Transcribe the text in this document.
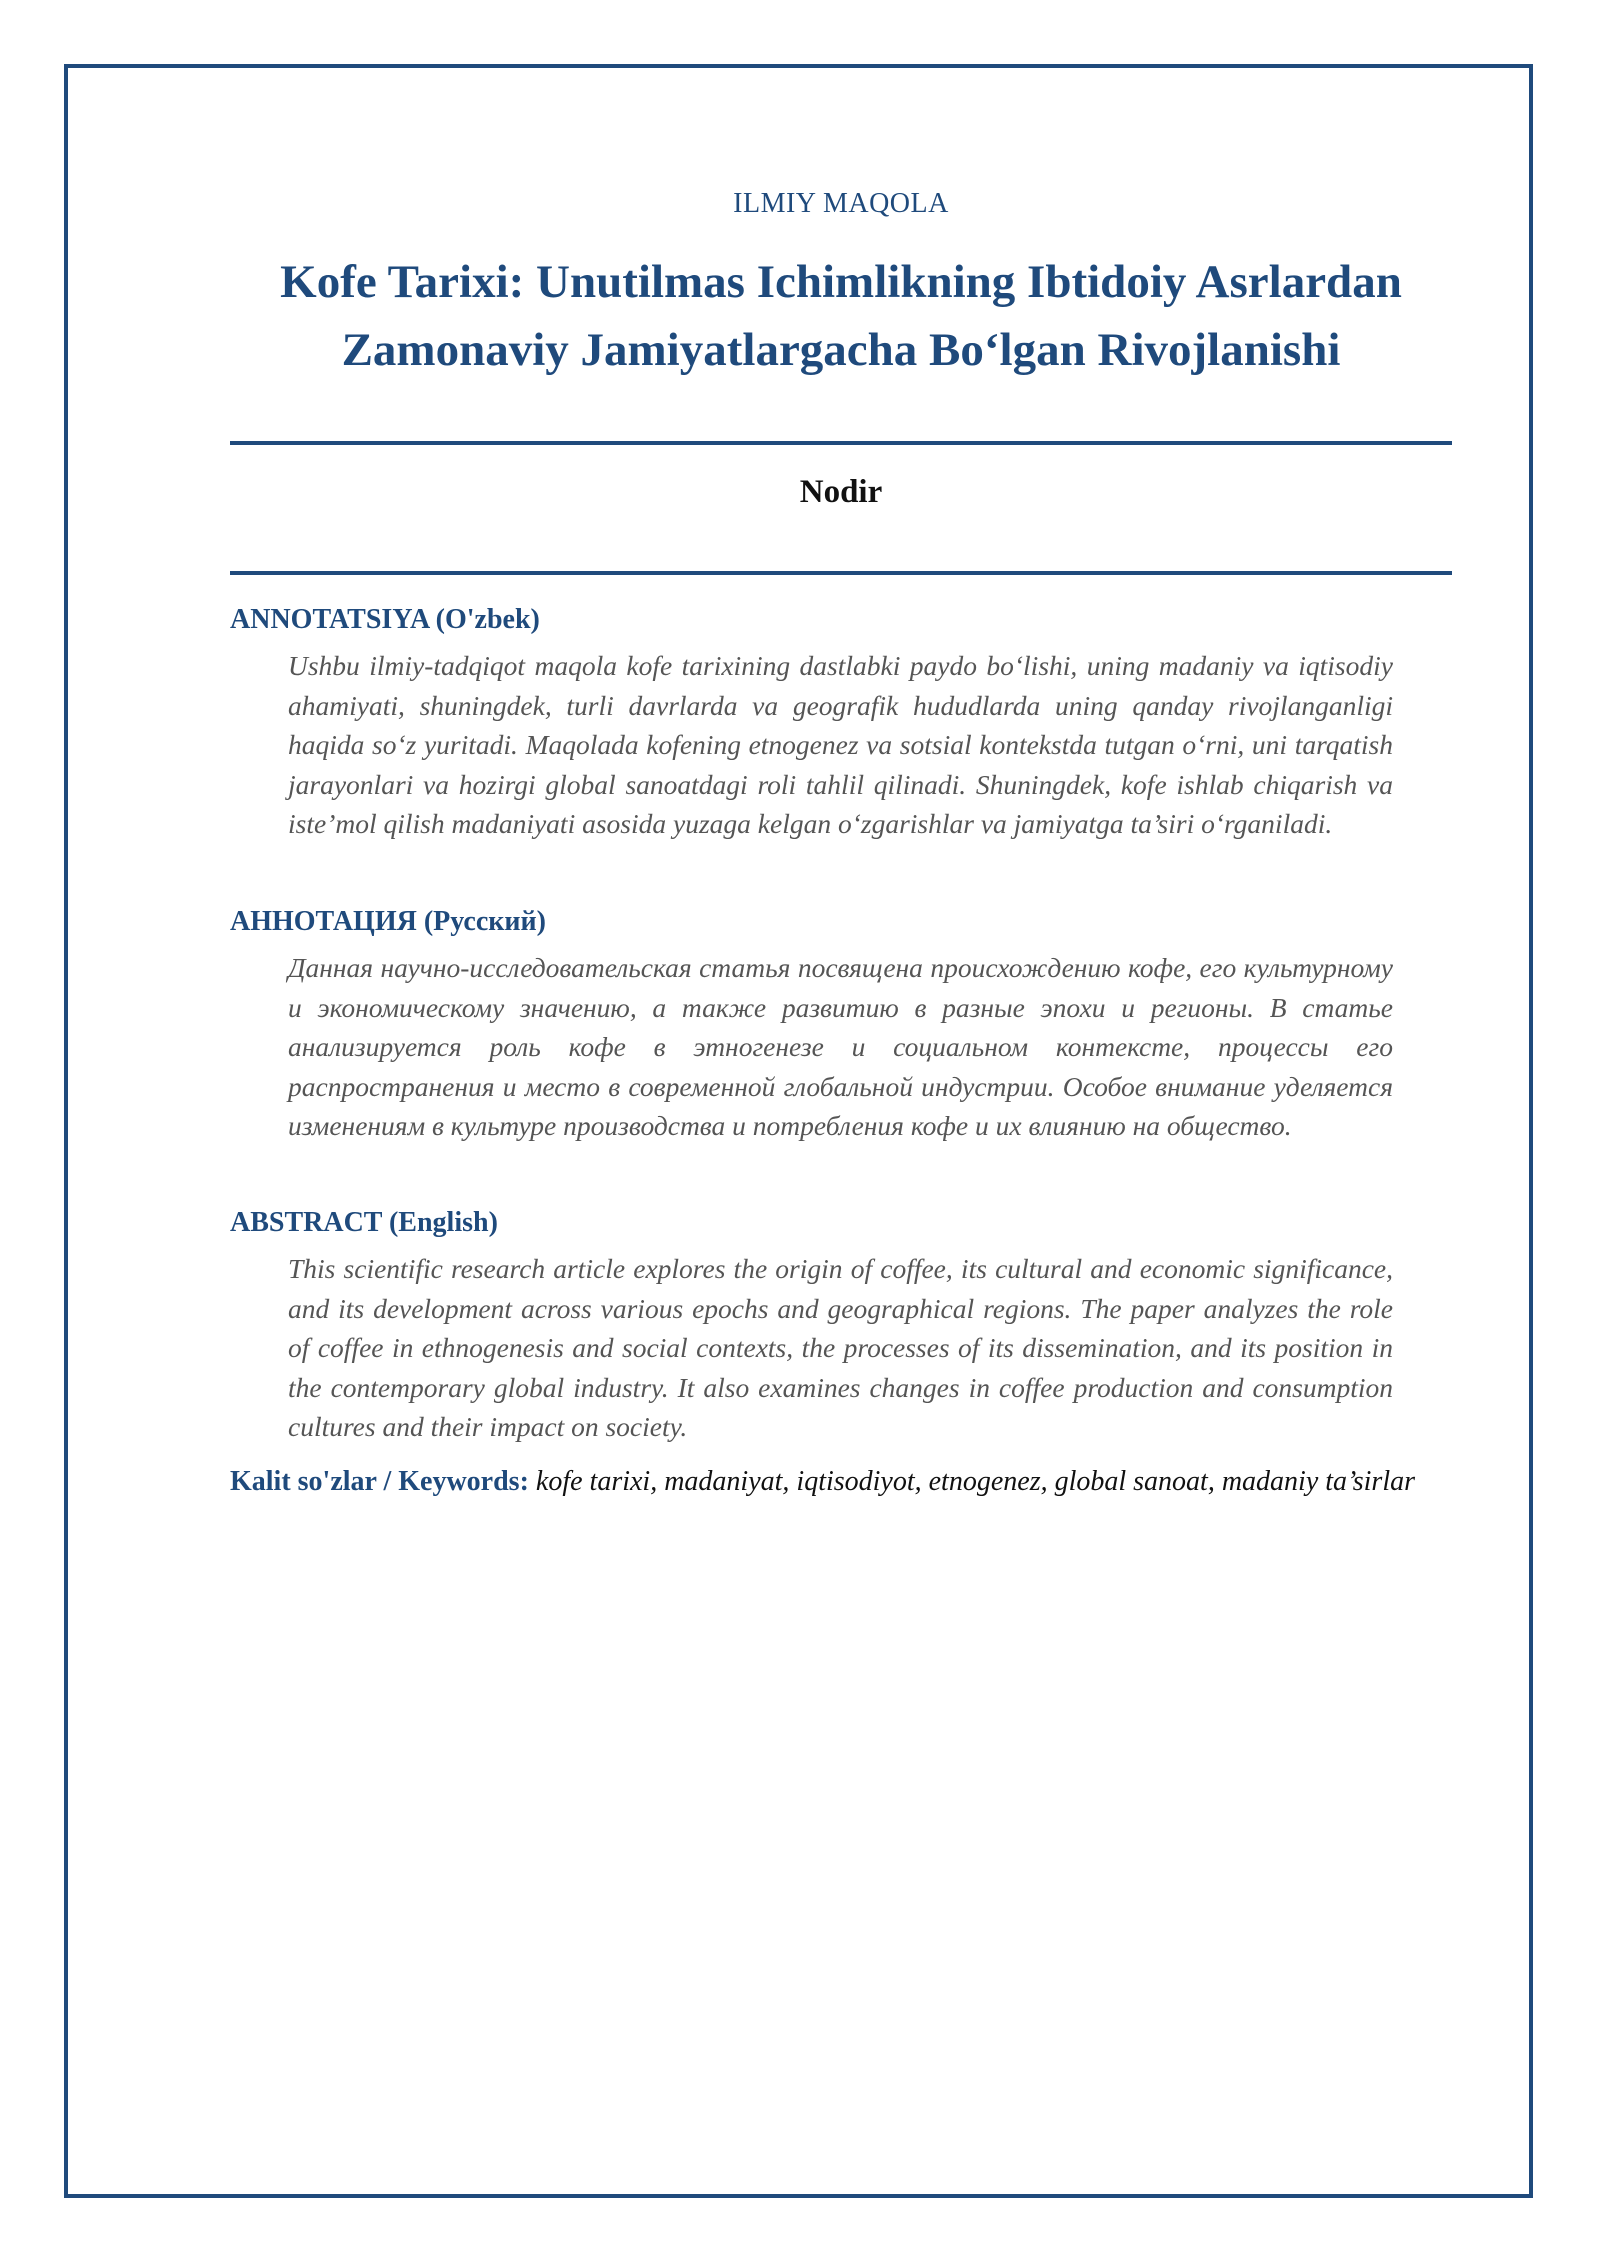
ILMIY MAQOLA
Kofe Tarixi: Unutilmas Ichimlikning Ibtidoiy Asrlardan Zamonaviy Jamiyatlargacha Bo‘lgan Rivojlanishi
Nodir
ANNOTATSIYA (O'zbek)

Ushbu ilmiy-tadqiqot maqola kofe tarixining dastlabki paydo bo‘lishi, uning madaniy va iqtisodiy ahamiyati, shuningdek, turli davrlarda va geografik hududlarda uning qanday rivojlanganligi haqida so‘z yuritadi. Maqolada kofening etnogenez va sotsial kontekstda tutgan o‘rni, uni tarqatish jarayonlari va hozirgi global sanoatdagi roli tahlil qilinadi. Shuningdek, kofe ishlab chiqarish va iste’mol qilish madaniyati asosida yuzaga kelgan o‘zgarishlar va jamiyatga ta’siri o‘rganiladi.

АННОТАЦИЯ (Русский)

Данная научно-исследовательская статья посвящена происхождению кофе, его культурному и экономическому значению, а также развитию в разные эпохи и регионы. В статье анализируется роль кофе в этногенезе и социальном контексте, процессы его распространения и место в современной глобальной индустрии. Особое внимание уделяется изменениям в культуре производства и потребления кофе и их влиянию на общество.

ABSTRACT (English)

This scientific research article explores the origin of coffee, its cultural and economic significance, and its development across various epochs and geographical regions. The paper analyzes the role of coffee in ethnogenesis and social contexts, the processes of its dissemination, and its position in the contemporary global industry. It also examines changes in coffee production and consumption cultures and their impact on society.

Kalit so'zlar / Keywords: kofe tarixi, madaniyat, iqtisodiyot, etnogenez, global sanoat, madaniy ta’sirlar
